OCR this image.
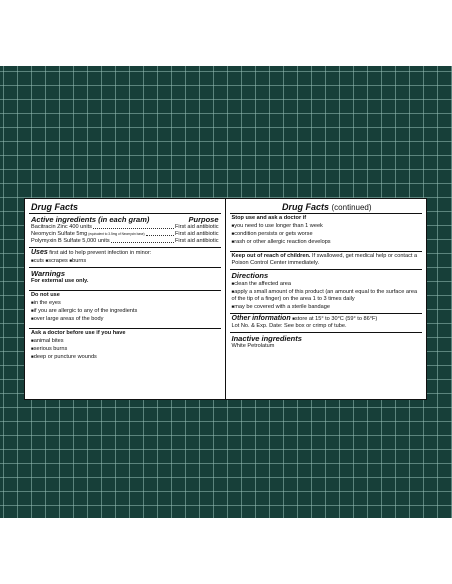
Drug Facts
Active ingredients (in each gram)	Purpose
Bacitracin Zinc 400 units	First aid antibiotic
Neomycin Sulfate 5mg (equivalent to 3.5mg of Neomycin base)	First aid antibiotic
Polymyxin B Sulfate 5,000 units	First aid antibiotic
Uses first aid to help prevent infection in minor:
■ cuts ■ scrapes ■ burns
Warnings
For external use only.
Do not use
■ in the eyes
■ if you are allergic to any of the ingredients
■ over large areas of the body
Ask a doctor before use if you have
■ animal bites
■ serious burns
■ deep or puncture wounds
Drug Facts (continued)
Stop use and ask a doctor if
■ you need to use longer than 1 week
■ condition persists or gets worse
■ rash or other allergic reaction develops
Keep out of reach of children. If swallowed, get medical help or contact a Poison Control Center immediately.
Directions
■ clean the affected area
■ apply a small amount of this product (an amount equal to the surface area of the tip of a finger) on the area 1 to 3 times daily
■ may be covered with a sterile bandage
Other information ■ store at 15° to 30°C (59° to 86°F)
Lot No. & Exp. Date: See box or crimp of tube.
Inactive ingredients
White Petrolatum
